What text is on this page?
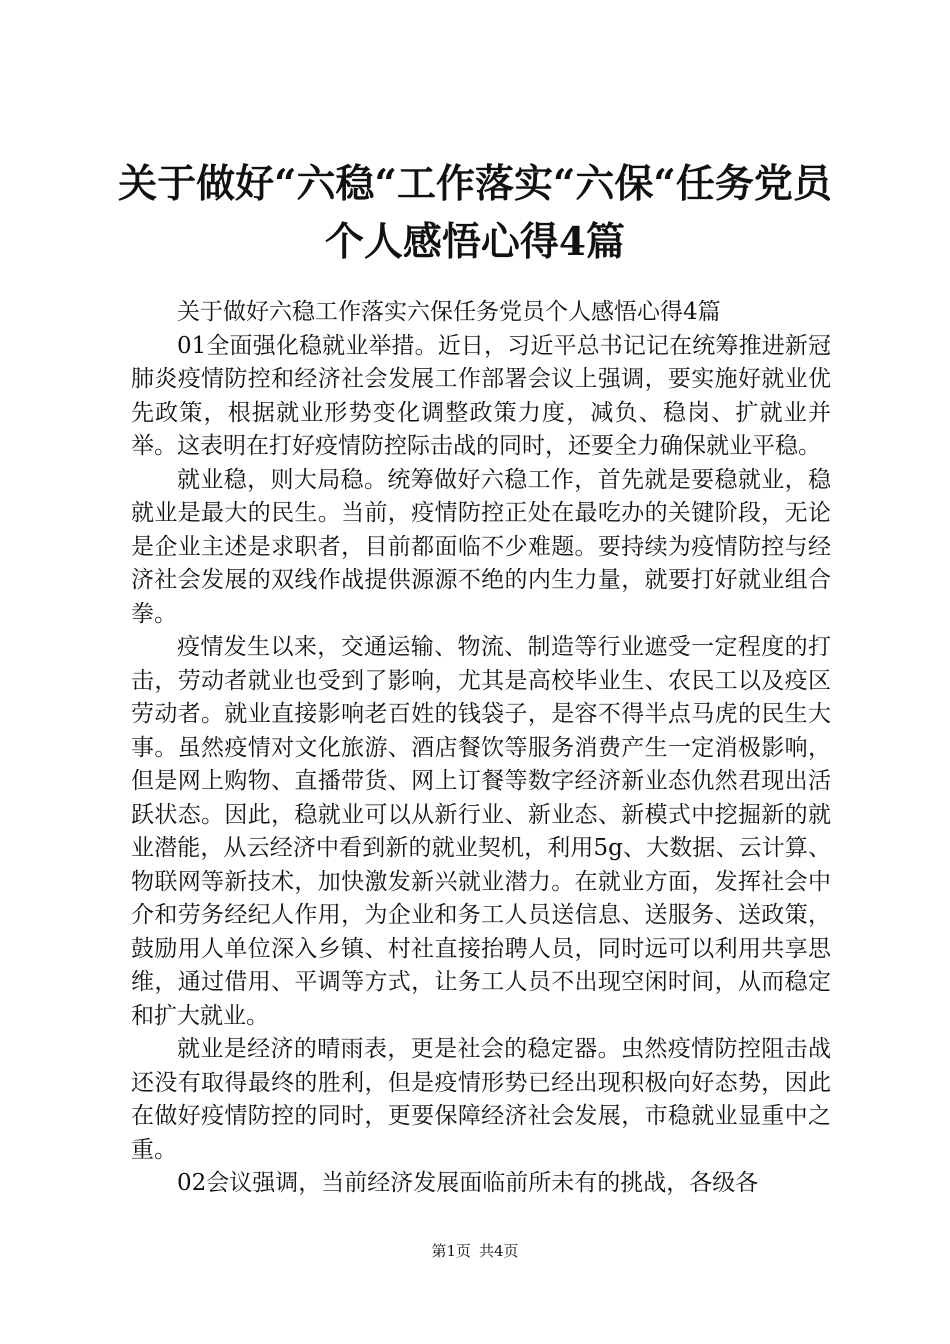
关于做好“六稳“工作落实“六保“任务党员
个人感悟心得4篇

关于做好六稳工作落实六保任务党员个人感悟心得4篇

01全面强化稳就业举措。近日，习近平总书记记在统筹推进新冠肺炎疫情防控和经济社会发展工作部署会议上强调，要实施好就业优先政策，根据就业形势变化调整政策力度，减负、稳岗、扩就业并举。这表明在打好疫情防控际击战的同时，还要全力确保就业平稳。

就业稳，则大局稳。统筹做好六稳工作，首先就是要稳就业，稳就业是最大的民生。当前，疫情防控正处在最吃办的关键阶段，无论是企业主述是求职者，目前都面临不少难题。要持续为疫情防控与经济社会发展的双线作战提供源源不绝的内生力量，就要打好就业组合拳。

疫情发生以来，交通运输、物流、制造等行业遮受一定程度的打击，劳动者就业也受到了影响，尤其是高校毕业生、农民工以及疫区劳动者。就业直接影响老百姓的钱袋子，是容不得半点马虎的民生大事。虽然疫情对文化旅游、酒店餐饮等服务消费产生一定消极影响，但是网上购物、直播带货、网上订餐等数字经济新业态仇然君现出活跃状态。因此，稳就业可以从新行业、新业态、新模式中挖掘新的就业潜能，从云经济中看到新的就业契机，利用5g、大数据、云计算、物联网等新技术，加快激发新兴就业潜力。在就业方面，发挥社会中介和劳务经纪人作用，为企业和务工人员送信息、送服务、送政策，鼓励用人单位深入乡镇、村社直接抬聘人员，同时远可以利用共享思维，通过借用、平调等方式，让务工人员不出现空闲时间，从而稳定和扩大就业。

就业是经济的晴雨表，更是社会的稳定器。虫然疫情防控阻击战还没有取得最终的胜利，但是疫情形势已经出现积极向好态势，因此在做好疫情防控的同时，更要保障经济社会发展，市稳就业显重中之重。

02会议强调，当前经济发展面临前所未有的挑战，各级各

第1页 共4页
